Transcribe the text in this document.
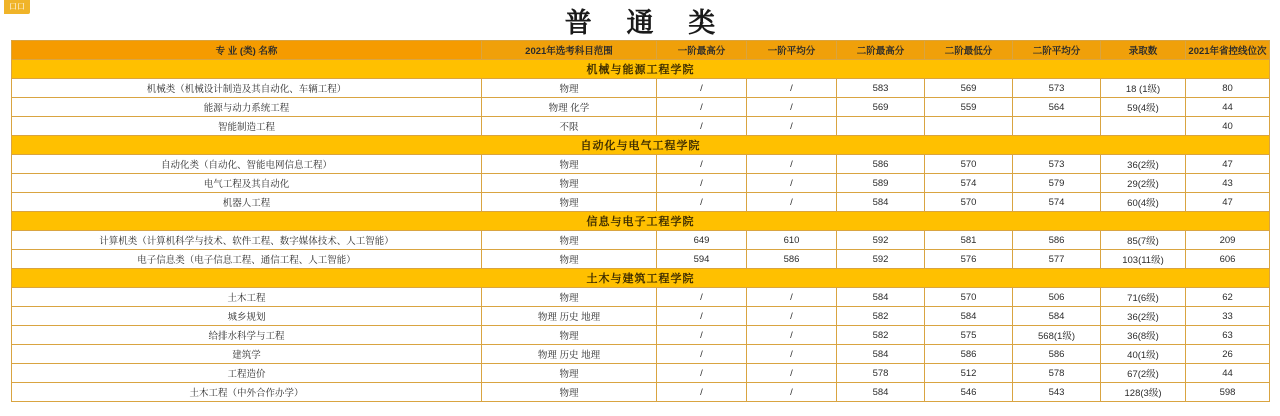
口口
普 通 类
专 业 (类) 名称	2021年选考科目范围	一阶最高分	一阶平均分	二阶最高分	二阶最低分	二阶平均分	录取数	2021年省控线位次
机械与能源工程学院								
机械类（机械设计制造及其自动化、车辆工程）	物理	/	/	583	569	573	18 (1级)	80
能源与动力系统工程	物理 化学	/	/	569	559	564	59(4级)	44
智能制造工程	不限	/	/					40
自动化与电气工程学院								
自动化类（自动化、智能电网信息工程）	物理	/	/	586	570	573	36(2级)	47
电气工程及其自动化	物理	/	/	589	574	579	29(2级)	43
机器人工程	物理	/	/	584	570	574	60(4级)	47
信息与电子工程学院								
计算机类（计算机科学与技术、软件工程、数字媒体技术、人工智能）	物理	649	610	592	581	586	85(7级)	209
电子信息类（电子信息工程、通信工程、人工智能）	物理	594	586	592	576	577	103(11级)	606
土木与建筑工程学院								
土木工程	物理	/	/	584	570	506	71(6级)	62
城乡规划	物理 历史 地理	/	/	582	584	584	36(2级)	33
给排水科学与工程	物理	/	/	582	575	568(1级)	36(8级)	63
建筑学	物理 历史 地理	/	/	584	586	586	40(1级)	26
工程造价	物理	/	/	578	512	578	67(2级)	44
土木工程（中外合作办学）	物理	/	/	584	546	543	128(3级)	598
